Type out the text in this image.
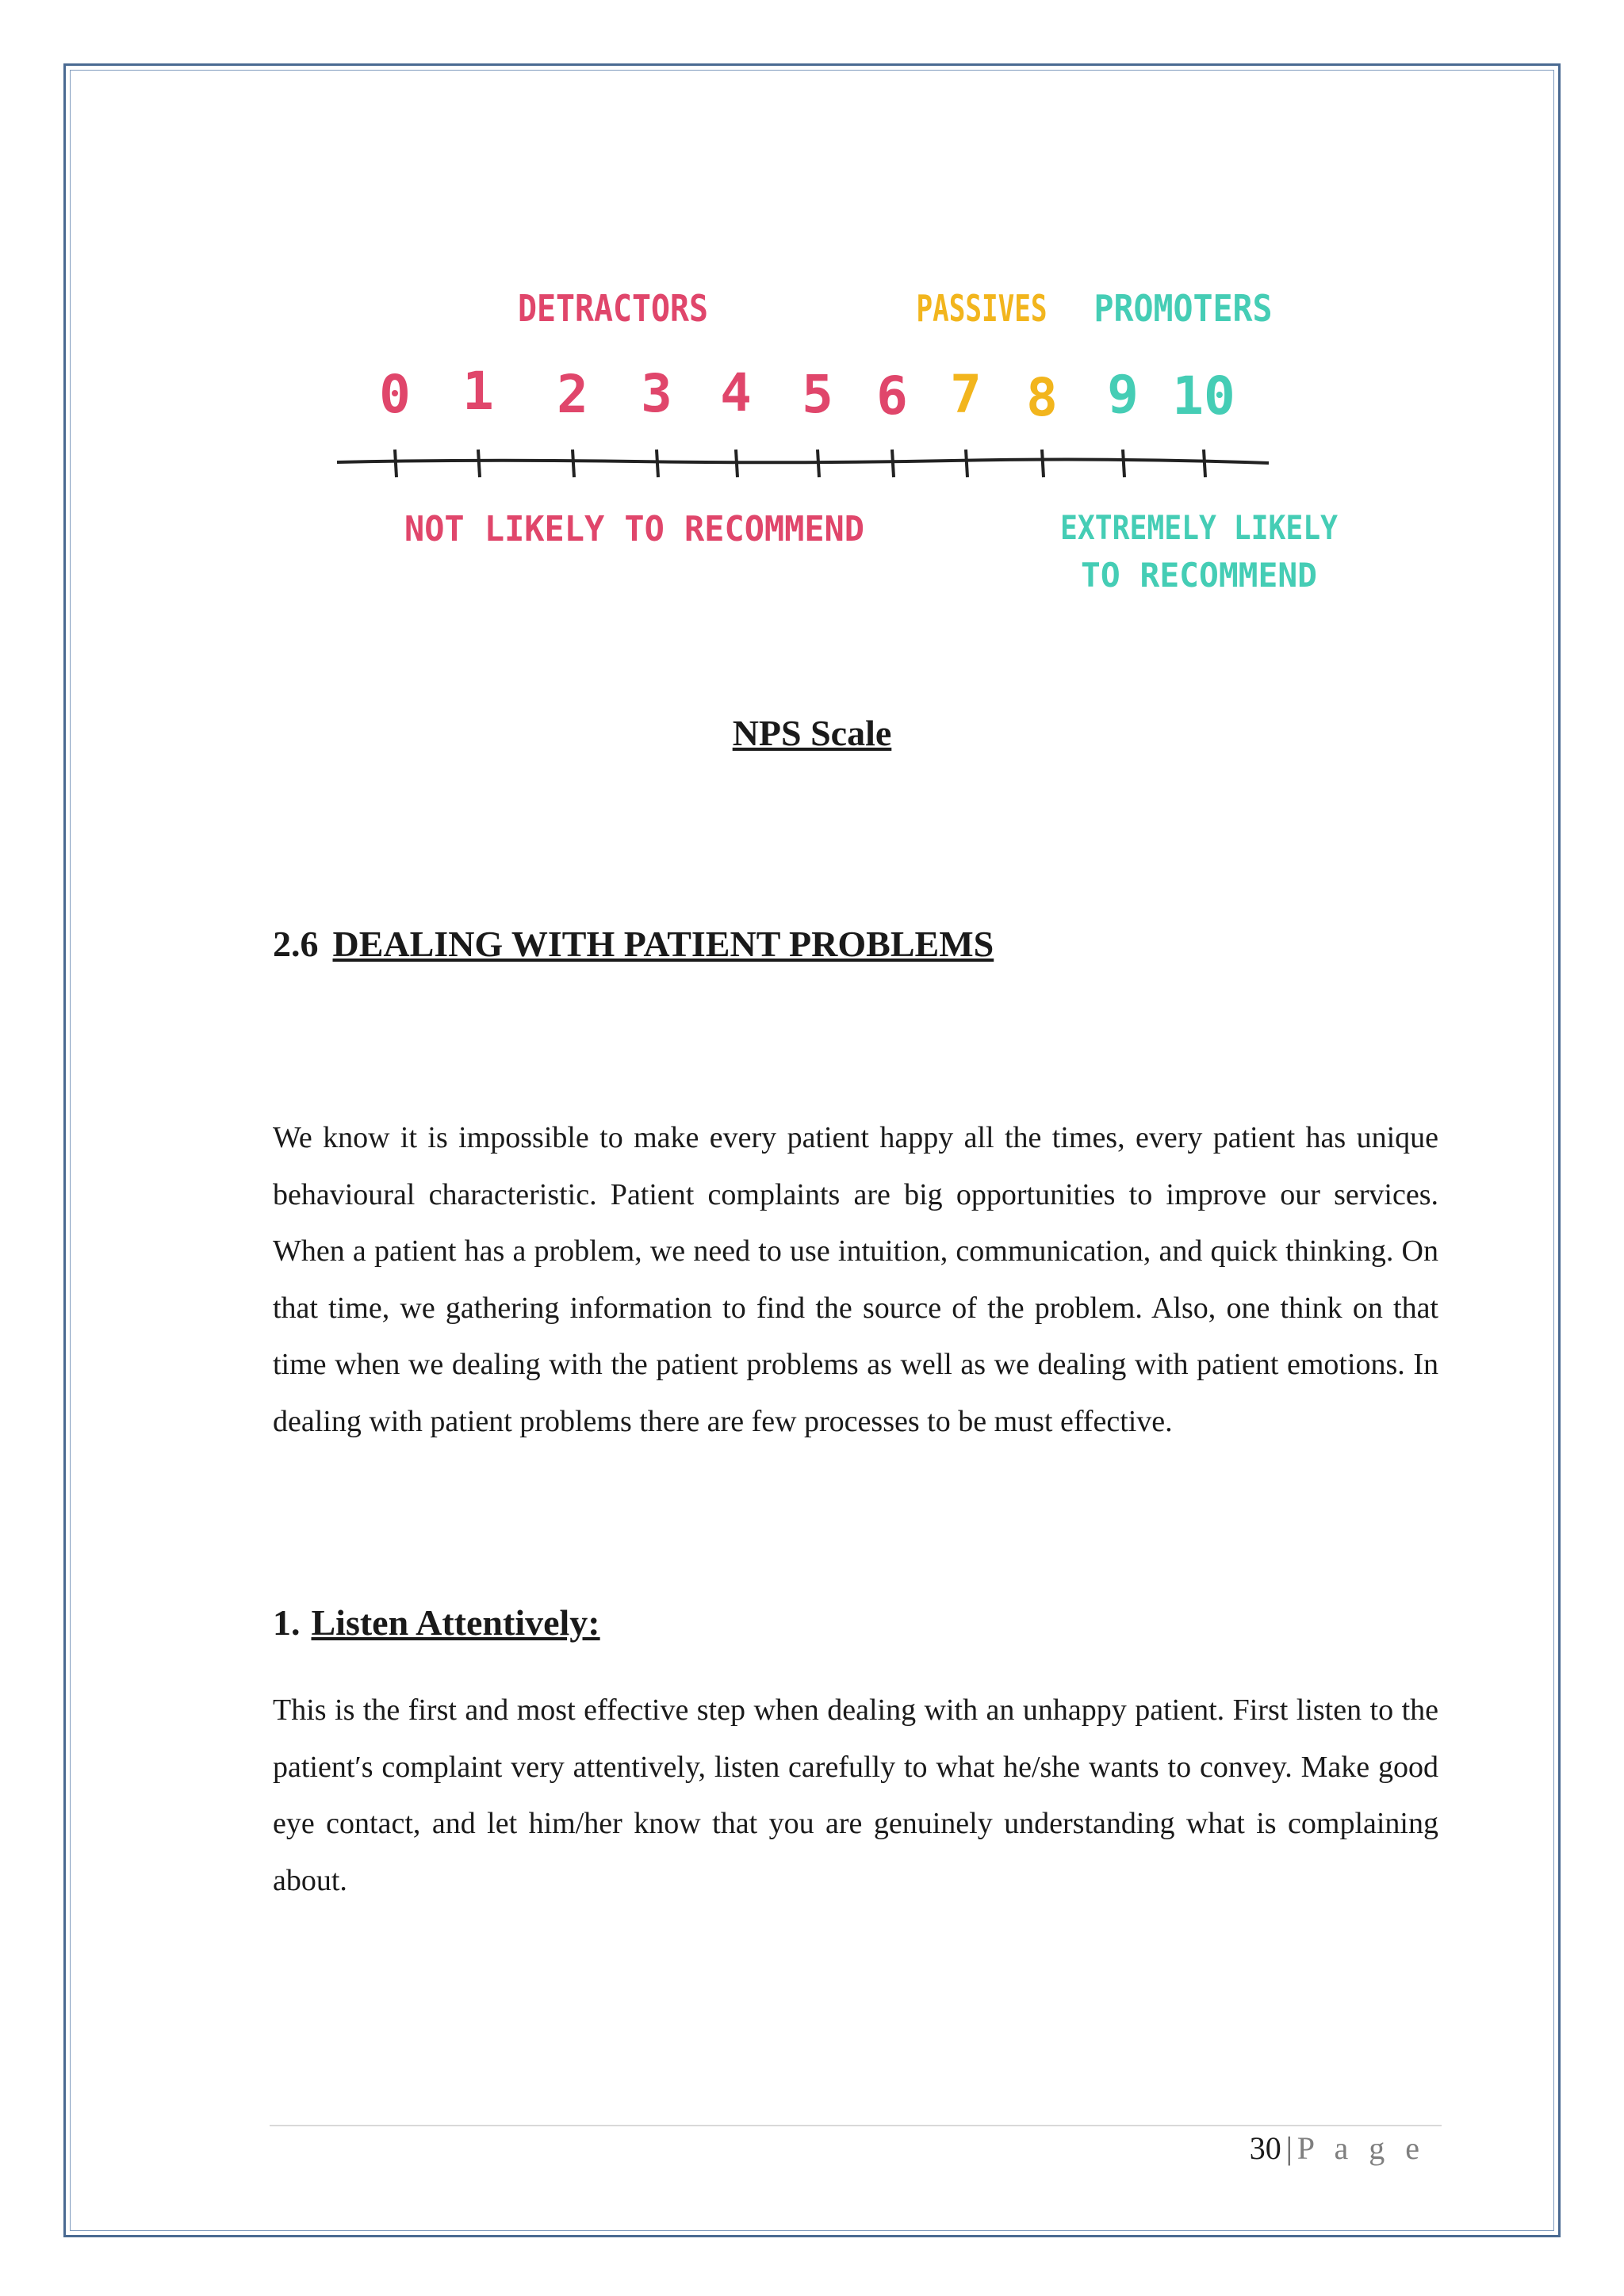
DETRACTORS	PASSIVES PROMOTERS
0 1 2 3 4 5 6 7 8 9 10
NOT LIKELY TO RECOMMEND	EXTREMELY LIKELY
TO RECOMMEND
NPS Scale
2.6 DEALING WITH PATIENT PROBLEMS

We know it is impossible to make every patient happy all the times, every patient has unique behavioural characteristic. Patient complaints are big opportunities to improve our services. When a patient has a problem, we need to use intuition, communication, and quick thinking. On that time, we gathering information to find the source of the problem. Also, one think on that time when we dealing with the patient problems as well as we dealing with patient emotions. In dealing with patient problems there are few processes to be must effective.

1. Listen Attentively:

This is the first and most effective step when dealing with an unhappy patient. First listen to the patient′s complaint very attentively, listen carefully to what he/she wants to convey. Make good eye contact, and let him/her know that you are genuinely understanding what is complaining about.

30 | P a g e
